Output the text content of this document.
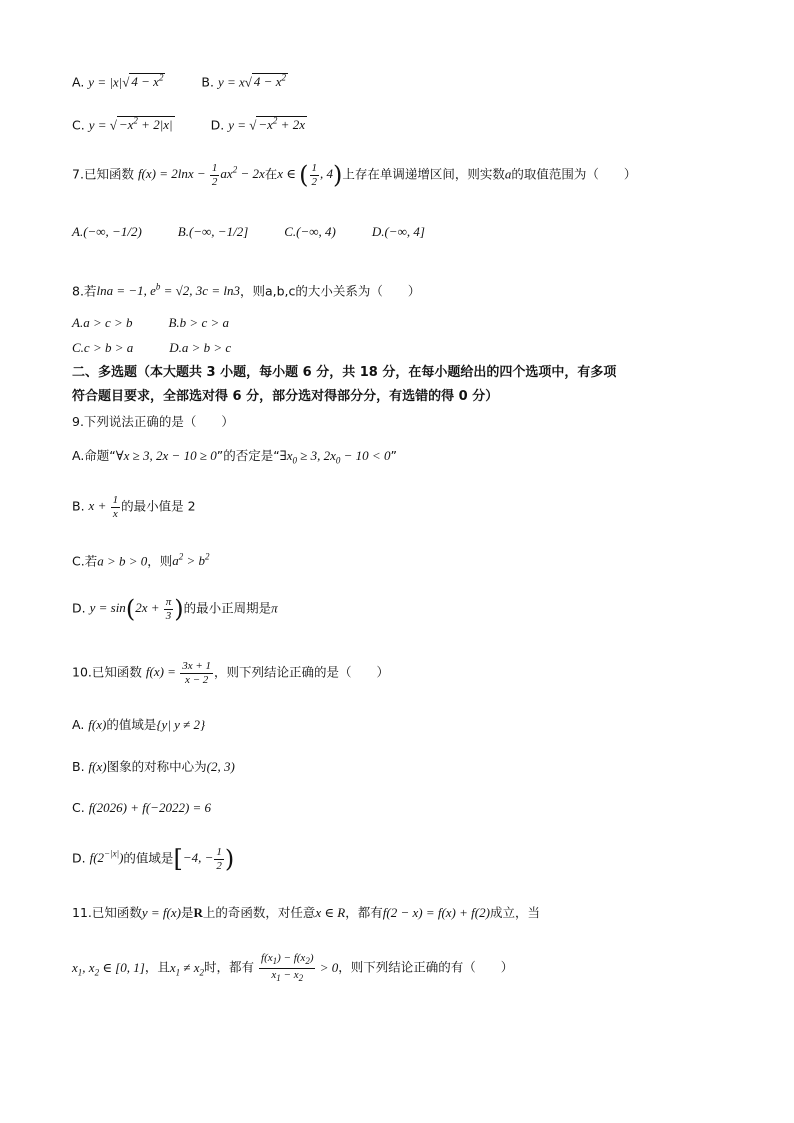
A. y = |x|√ $4 - x^2$	B. y = x√ $4 - x^2$
C. y = √ $-x^2 + 2|x|$	D. y = √ $-x^2 + 2x$
7.已知函数 $f(x) = 2\ln x - \frac{1}{2} ax^2 - 2x$在x ∈ ( $\frac{1}{2}$ , 4)上存在单调递增区间，则实数a的取值范围为（　　）
A.(−∞, −1/2)	B.(−∞, −1/2]	C.(−∞, 4)	D.(−∞, 4]
8.若lna = −1, $e^b = √2$, 3c = ln3，则a,b,c的大小关系为（　　）
A.a > c > b	B.b > c > a
C.c > b > a	D.a > b > c
二、多选题（本大题共 3 小题，每小题 6 分，共 18 分，在每小题给出的四个选项中，有多项
符合题目要求，全部选对得 6 分，部分选对得部分分，有选错的得 0 分）
9.下列说法正确的是（　　）
A.命题“∀x ≥ 3, 2x − 10 ≥ 0”的否定是“$\exists x_0 \ge 3$, $2x_0 - 10 < 0$”
B. $x + \frac{1}{x}$ 的最小值是 2
C.若a > b > 0，则$a^2 > b^2$
D. $y = \sin(2x + \frac{\pi}{3}$ )的最小正周期是π
10.已知函数 $f(x) = \frac{3x + 1}{x - 2}$ ，则下列结论正确的是（　　）
A. f(x)的值域是{y| y ≠ 2}
B. f(x)图象的对称中心为(2, 3)
C. f(2026) + f(−2022) = 6
D. $f(2^{-|x|})$的值域是[−4, − $\frac{1}{2}$ )
11.已知函数y = f(x)是R上的奇函数，对任意x ∈ R，都有f(2 − x) = f(x) + f(2)成立，当
$x_1$, $x_2$ ∈ [0, 1]，且$x_1 \ne x_2$时，都有 $\frac{f(x_1) - f(x_2)}{x_1 - x_2} > 0$，则下列结论正确的有（　　）
